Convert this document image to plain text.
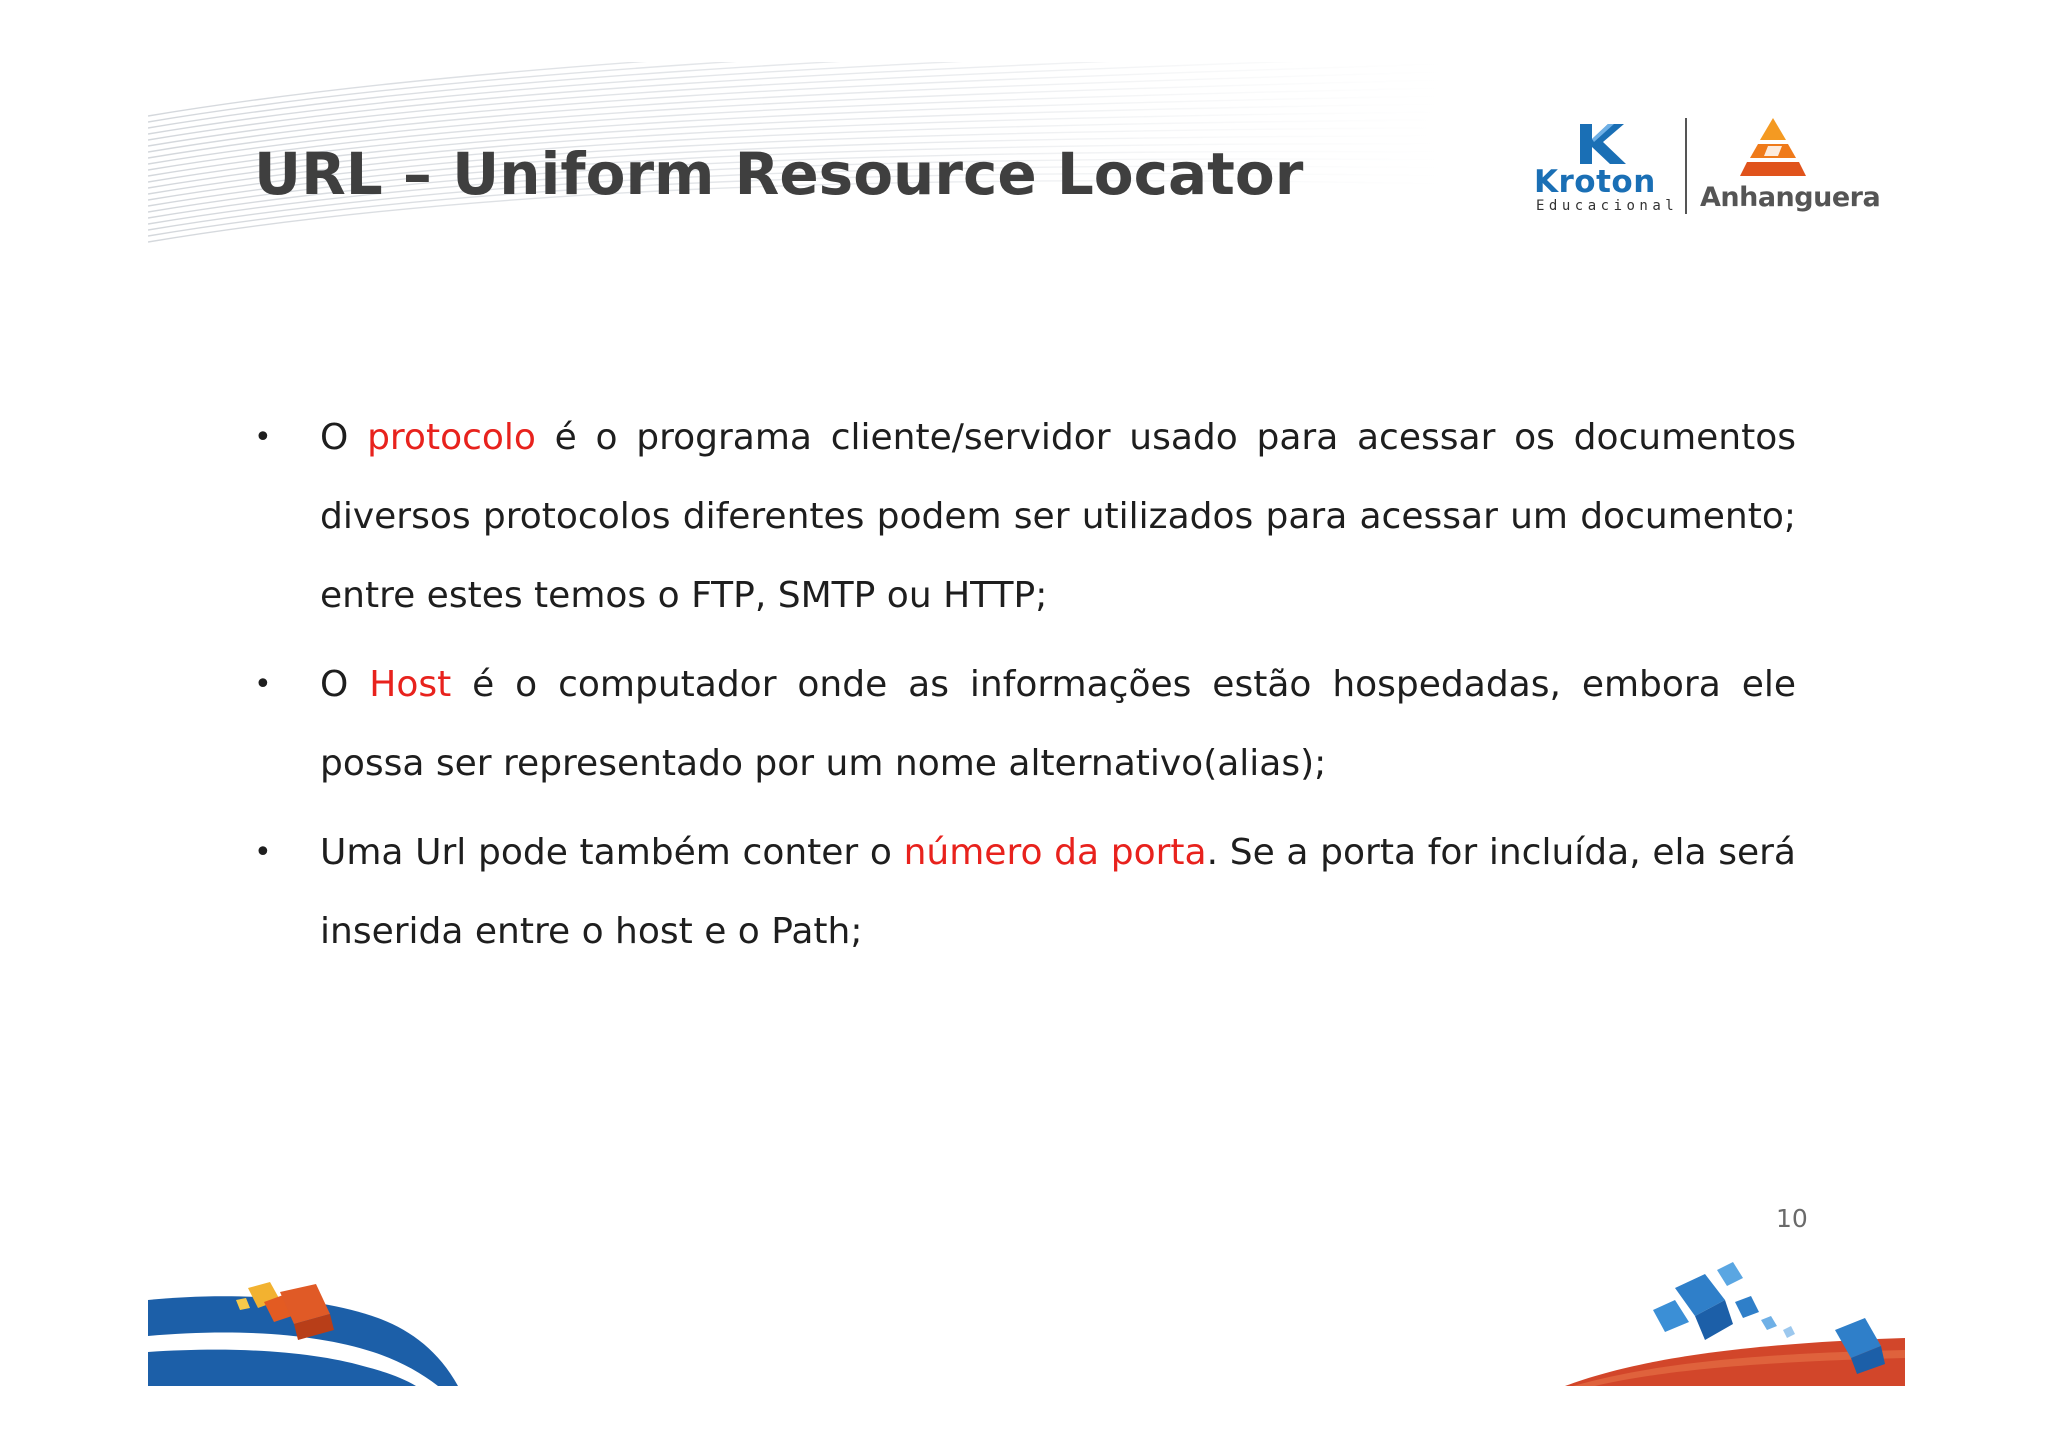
URL – Uniform Resource Locator	Kroton
Educacional Anhanguera
• O protocolo é o programa cliente/servidor usado para acessar os documentos diversos protocolos diferentes podem ser utilizados para acessar um documento; entre estes temos o FTP, SMTP ou HTTP;
• O Host é o computador onde as informações estão hospedadas, embora ele possa ser representado por um nome alternativo(alias);
• Uma Url pode também conter o número da porta. Se a porta for incluída, ela será inserida entre o host e o Path;
10
